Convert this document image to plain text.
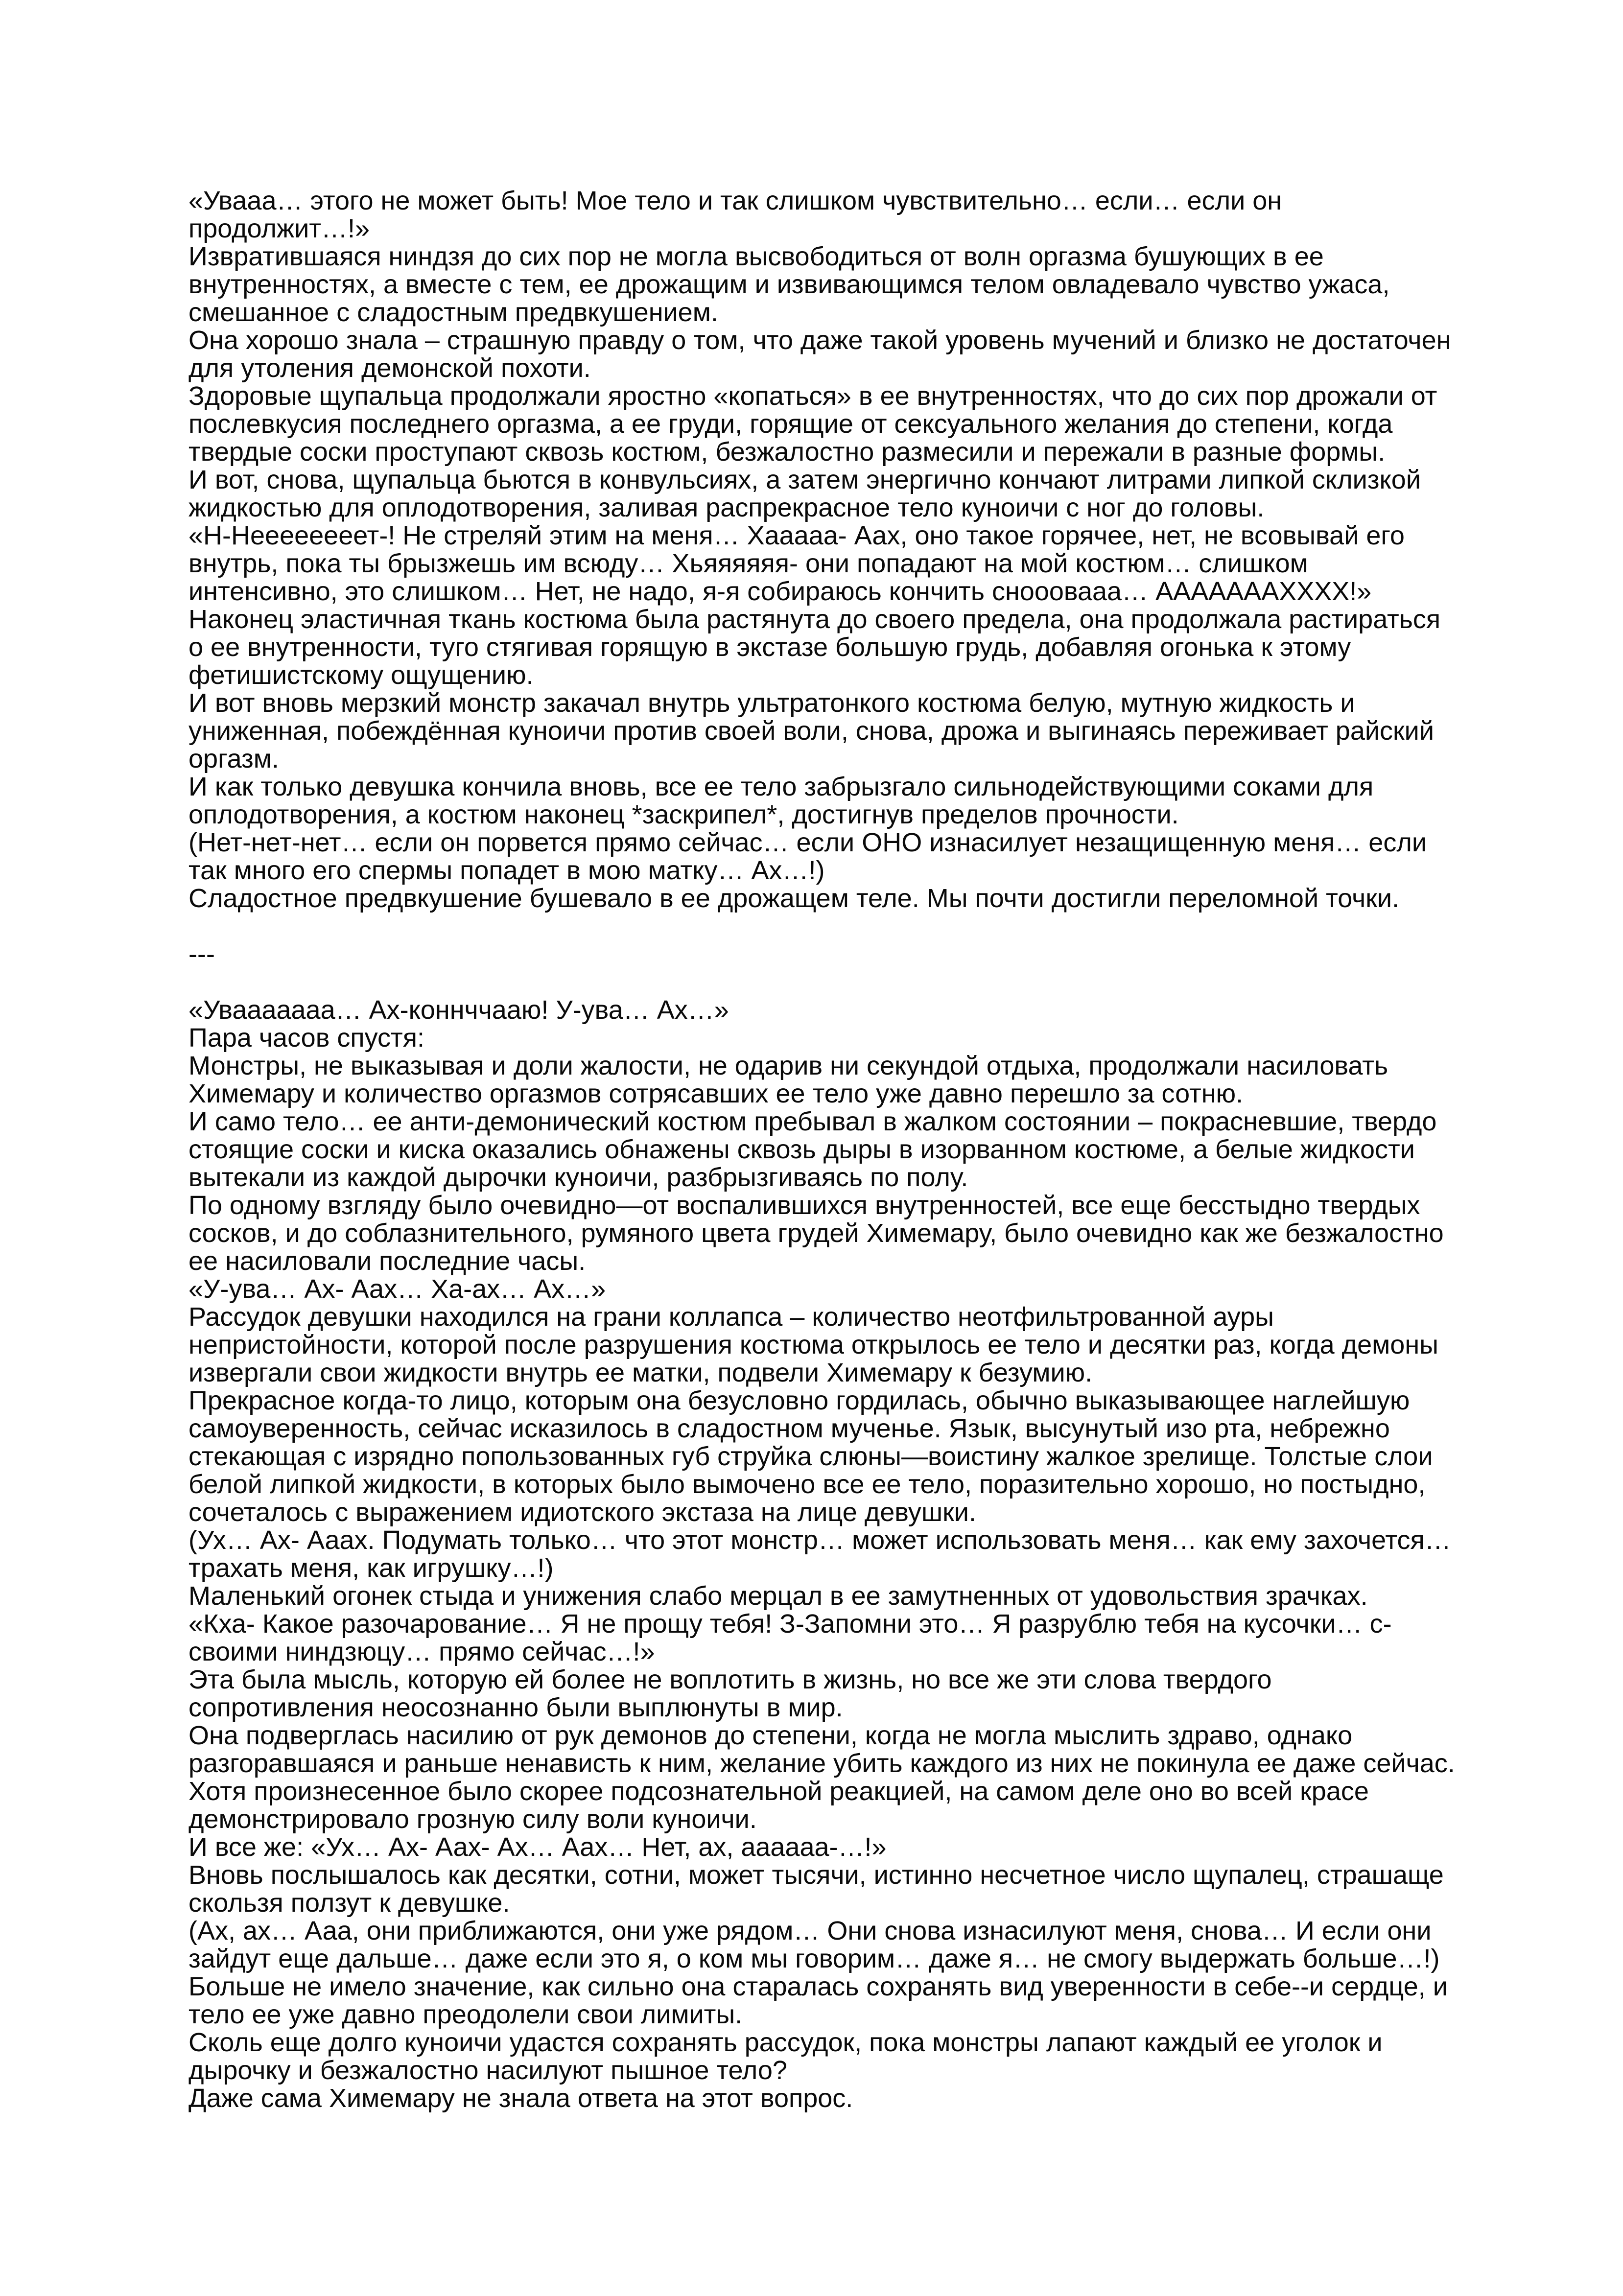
«Увааа… этого не может быть! Мое тело и так слишком чувствительно… если… если он продолжит…!»

Извратившаяся ниндзя до сих пор не могла высвободиться от волн оргазма бушующих в ее внутренностях, а вместе с тем, ее дрожащим и извивающимся телом овладевало чувство ужаса, смешанное с сладостным предвкушением.

Она хорошо знала – страшную правду о том, что даже такой уровень мучений и близко не достаточен для утоления демонской похоти.

Здоровые щупальца продолжали яростно «копаться» в ее внутренностях, что до сих пор дрожали от послевкусия последнего оргазма, а ее груди, горящие от сексуального желания до степени, когда твердые соски проступают сквозь костюм, безжалостно размесили и пережали в разные формы.

И вот, снова, щупальца бьются в конвульсиях, а затем энергично кончают литрами липкой склизкой жидкостью для оплодотворения, заливая распрекрасное тело куноичи с ног до головы.

«Н-Неееееееет-! Не стреляй этим на меня… Хааааа- Аах, оно такое горячее, нет, не всовывай его внутрь, пока ты брызжешь им всюду… Хьяяяяяя- они попадают на мой костюм… слишком интенсивно, это слишком… Нет, не надо, я-я собираюсь кончить снооовааа… АААААААХХХХ!»

Наконец эластичная ткань костюма была растянута до своего предела, она продолжала растираться о ее внутренности, туго стягивая горящую в экстазе большую грудь, добавляя огонька к этому фетишистскому ощущению.

И вот вновь мерзкий монстр закачал внутрь ультратонкого костюма белую, мутную жидкость и униженная, побеждённая куноичи против своей воли, снова, дрожа и выгинаясь переживает райский оргазм.

И как только девушка кончила вновь, все ее тело забрызгало сильнодействующими соками для оплодотворения, а костюм наконец *заскрипел*, достигнув пределов прочности.

(Нет-нет-нет… если он порвется прямо сейчас… если ОНО изнасилует незащищенную меня… если так много его спермы попадет в мою матку… Ах…!)

Сладостное предвкушение бушевало в ее дрожащем теле. Мы почти достигли переломной точки.

---

«Увааааааа… Ах-коннччааю! У-ува… Ах…»

Пара часов спустя:

Монстры, не выказывая и доли жалости, не одарив ни секундой отдыха, продолжали насиловать Химемару и количество оргазмов сотрясавших ее тело уже давно перешло за сотню.

И само тело… ее анти-демонический костюм пребывал в жалком состоянии – покрасневшие, твердо стоящие соски и киска оказались обнажены сквозь дыры в изорванном костюме, а белые жидкости вытекали из каждой дырочки куноичи, разбрызгиваясь по полу.

По одному взгляду было очевидно—от воспалившихся внутренностей, все еще бесстыдно твердых сосков, и до соблазнительного, румяного цвета грудей Химемару, было очевидно как же безжалостно ее насиловали последние часы.

«У-ува… Ах- Аах… Ха-ах… Ах…»

Рассудок девушки находился на грани коллапса – количество неотфильтрованной ауры непристойности, которой после разрушения костюма открылось ее тело и десятки раз, когда демоны извергали свои жидкости внутрь ее матки, подвели Химемару к безумию.

Прекрасное когда-то лицо, которым она безусловно гордилась, обычно выказывающее наглейшую самоуверенность, сейчас исказилось в сладостном мученье. Язык, высунутый изо рта, небрежно стекающая с изрядно попользованных губ струйка слюны—воистину жалкое зрелище. Толстые слои белой липкой жидкости, в которых было вымочено все ее тело, поразительно хорошо, но постыдно, сочеталось с выражением идиотского экстаза на лице девушки.

(Ух… Ах- Ааах. Подумать только… что этот монстр… может использовать меня… как ему захочется… трахать меня, как игрушку…!)

Маленький огонек стыда и унижения слабо мерцал в ее замутненных от удовольствия зрачках.

«Кха- Какое разочарование… Я не прощу тебя! З-Запомни это… Я разрублю тебя на кусочки… с-своими ниндзюцу… прямо сейчас…!»

Эта была мысль, которую ей более не воплотить в жизнь, но все же эти слова твердого сопротивления неосознанно были выплюнуты в мир.

Она подверглась насилию от рук демонов до степени, когда не могла мыслить здраво, однако разгоравшаяся и раньше ненависть к ним, желание убить каждого из них не покинула ее даже сейчас.

Хотя произнесенное было скорее подсознательной реакцией, на самом деле оно во всей красе демонстрировало грозную силу воли куноичи.

И все же: «Ух… Ах- Аах- Ах… Аах… Нет, ах, аааааа-…!»

Вновь послышалось как десятки, сотни, может тысячи, истинно несчетное число щупалец, страшаще скользя ползут к девушке.

(Ах, ах… Ааа, они приближаются, они уже рядом… Они снова изнасилуют меня, снова… И если они зайдут еще дальше… даже если это я, о ком мы говорим… даже я… не смогу выдержать больше…!)

Больше не имело значение, как сильно она старалась сохранять вид уверенности в себе--и сердце, и тело ее уже давно преодолели свои лимиты.

Сколь еще долго куноичи удастся сохранять рассудок, пока монстры лапают каждый ее уголок и дырочку и безжалостно насилуют пышное тело?

Даже сама Химемару не знала ответа на этот вопрос.
